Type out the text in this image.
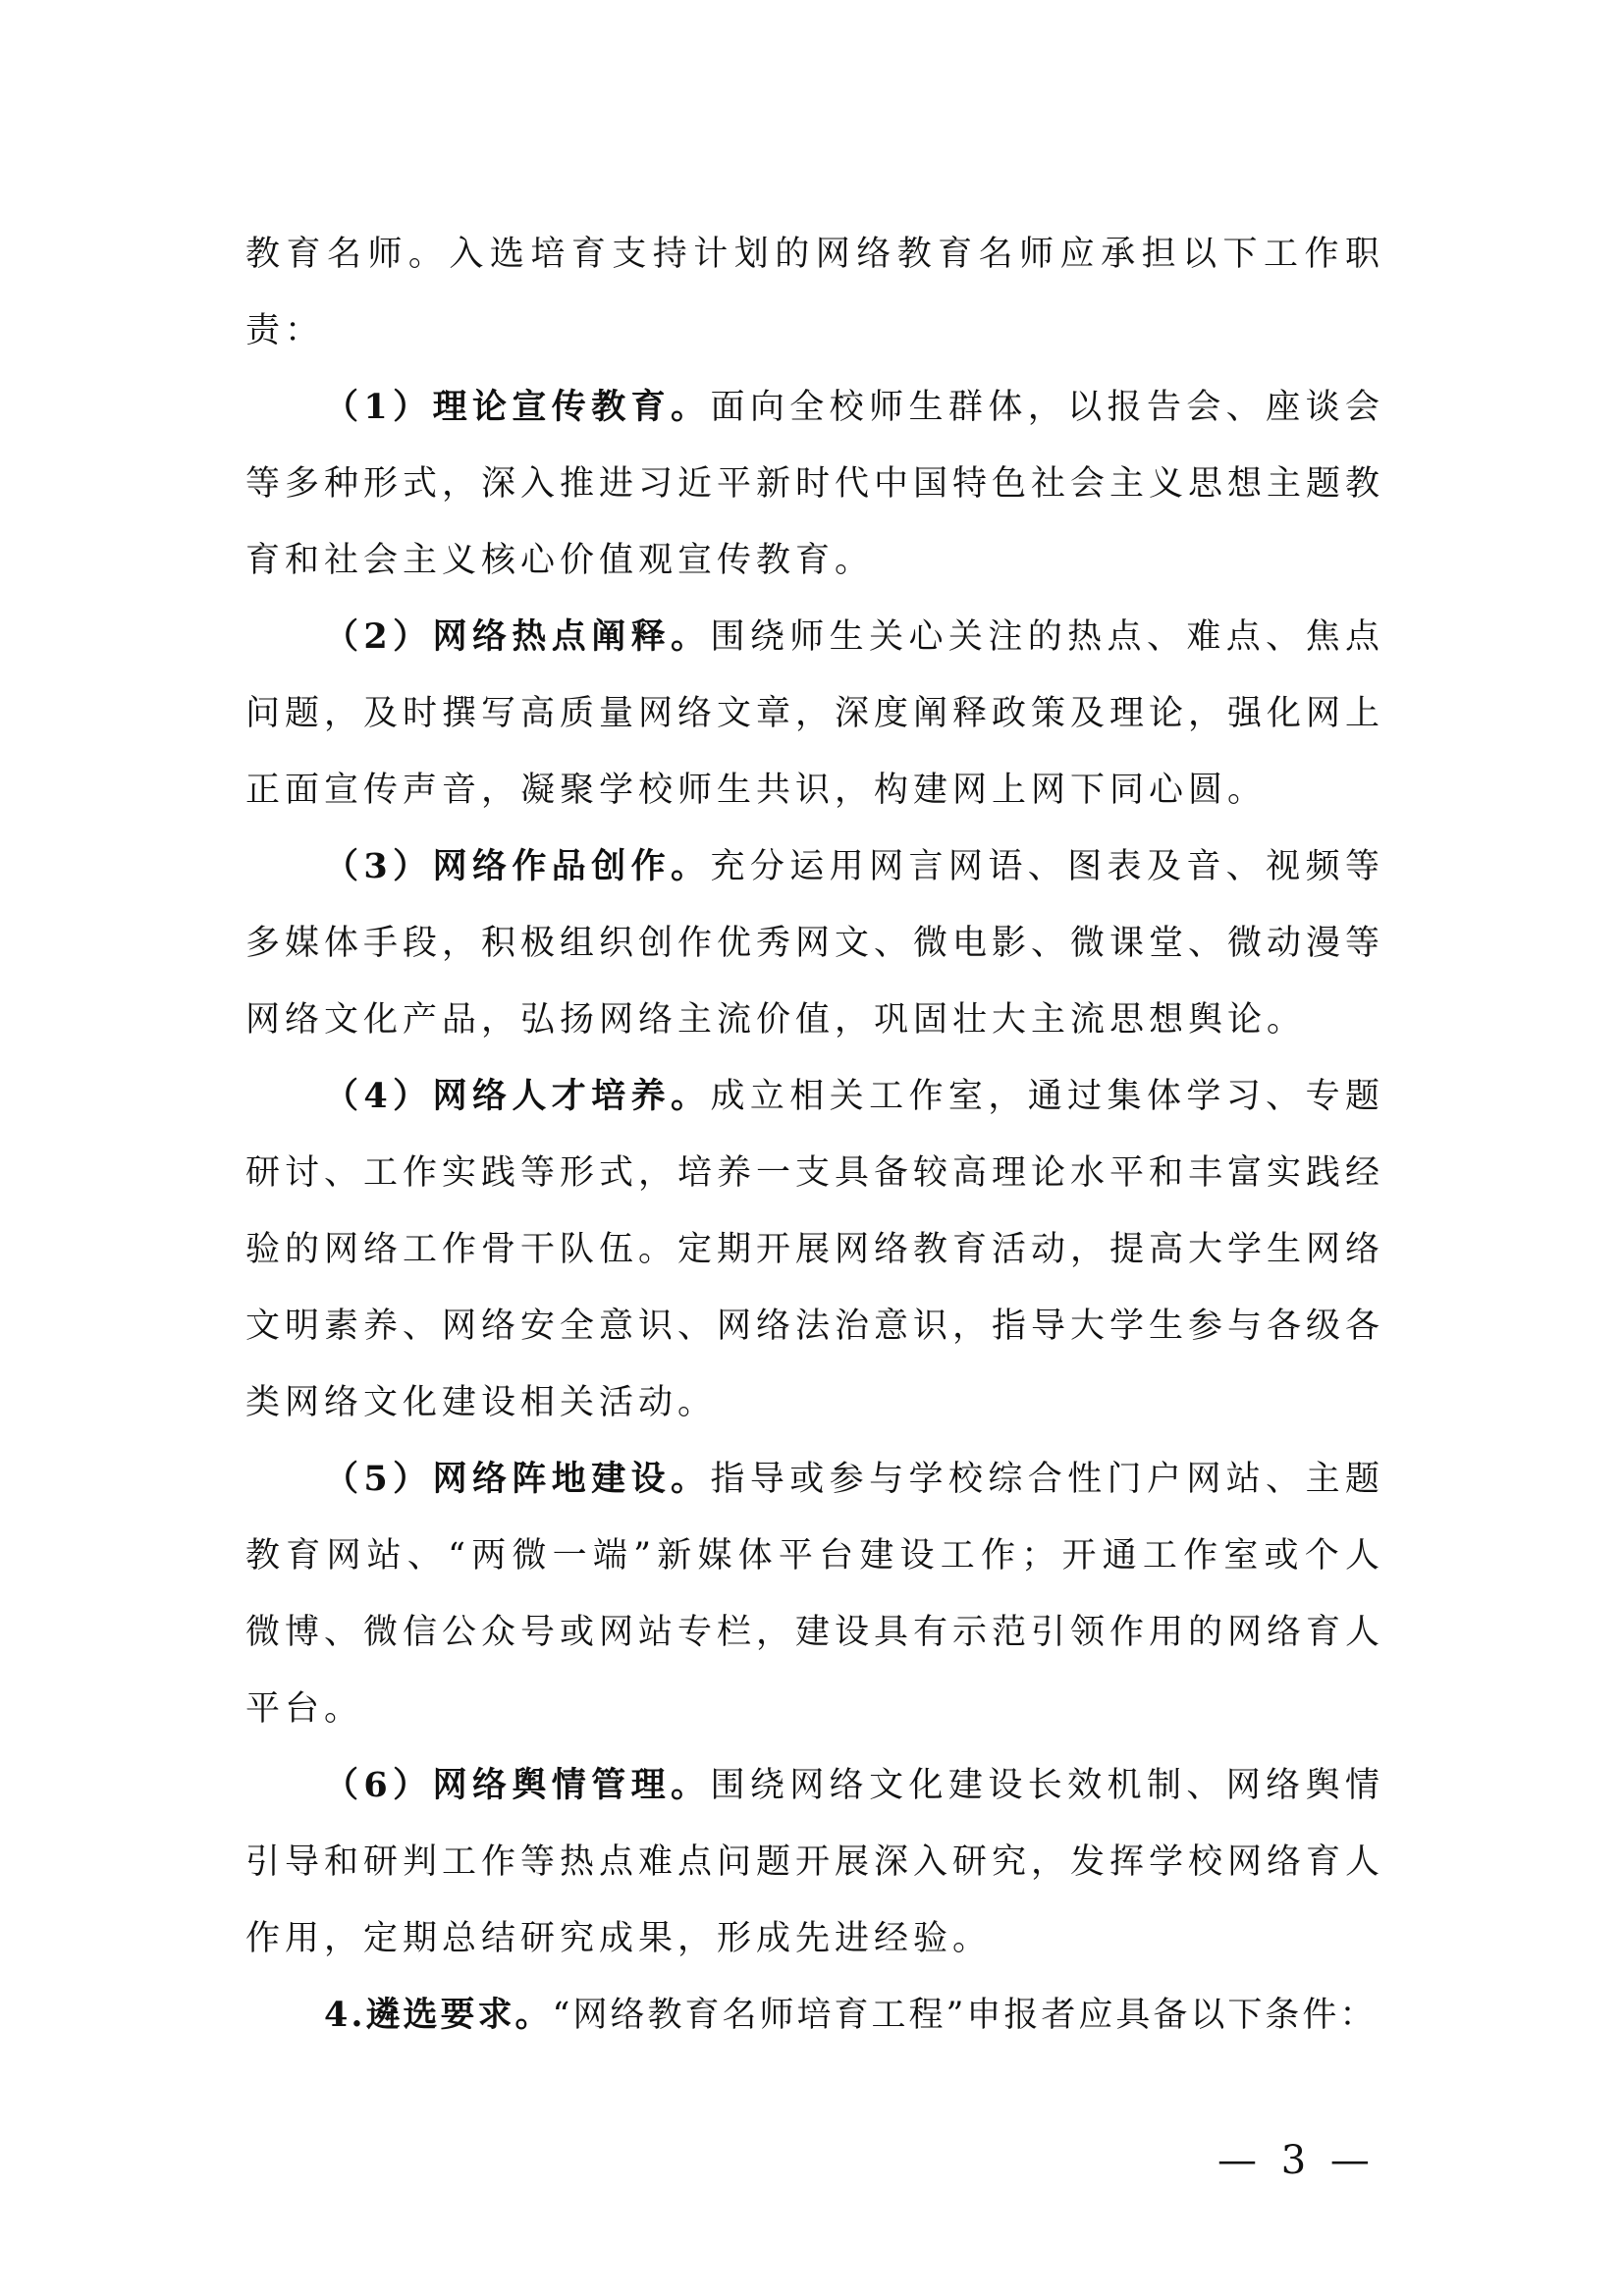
教育名师。入选培育支持计划的网络教育名师应承担以下工作职责：

（1）理论宣传教育。面向全校师生群体，以报告会、座谈会等多种形式，深入推进习近平新时代中国特色社会主义思想主题教育和社会主义核心价值观宣传教育。

（2）网络热点阐释。围绕师生关心关注的热点、难点、焦点问题，及时撰写高质量网络文章，深度阐释政策及理论，强化网上正面宣传声音，凝聚学校师生共识，构建网上网下同心圆。

（3）网络作品创作。充分运用网言网语、图表及音、视频等多媒体手段，积极组织创作优秀网文、微电影、微课堂、微动漫等网络文化产品，弘扬网络主流价值，巩固壮大主流思想舆论。

（4）网络人才培养。成立相关工作室，通过集体学习、专题研讨、工作实践等形式，培养一支具备较高理论水平和丰富实践经验的网络工作骨干队伍。定期开展网络教育活动，提高大学生网络文明素养、网络安全意识、网络法治意识，指导大学生参与各级各类网络文化建设相关活动。

（5）网络阵地建设。指导或参与学校综合性门户网站、主题教育网站、“两微一端”新媒体平台建设工作；开通工作室或个人微博、微信公众号或网站专栏，建设具有示范引领作用的网络育人平台。

（6）网络舆情管理。围绕网络文化建设长效机制、网络舆情引导和研判工作等热点难点问题开展深入研究，发挥学校网络育人作用，定期总结研究成果，形成先进经验。

4.遴选要求。“网络教育名师培育工程”申报者应具备以下条件：

— 3 —
